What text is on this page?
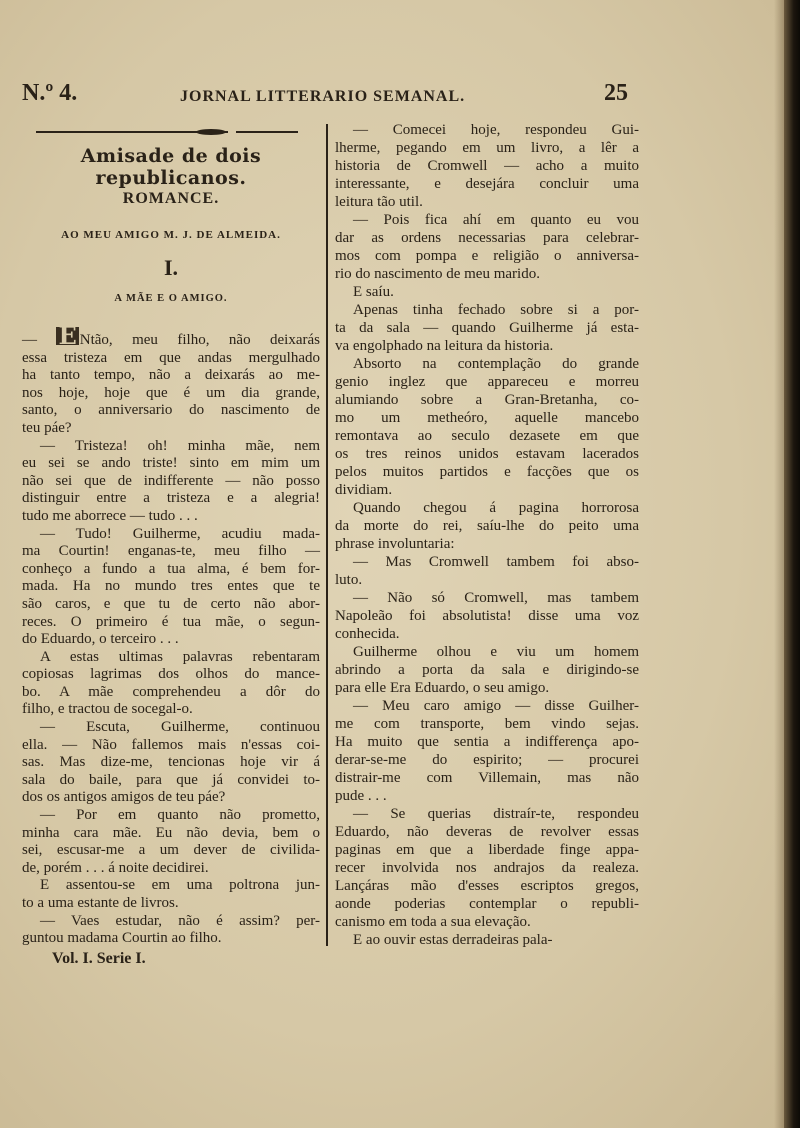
N.º 4.	JORNAL LITTERARIO SEMANAL.	25
Amisade de dois republicanos.
ROMANCE.
AO MEU AMIGO M. J. DE ALMEIDA.
I.
A MÃE E O AMIGO.
— E Ntão, meu filho, não deixarás
essa tristeza em que andas mergulhado
ha tanto tempo, não a deixarás ao me-
nos hoje, hoje que é um dia grande,
santo, o anniversario do nascimento de
teu páe?
— Tristeza! oh! minha mãe, nem
eu sei se ando triste! sinto em mim um
não sei que de indifferente — não posso
distinguir entre a tristeza e a alegria!
tudo me aborrece — tudo . . .
— Tudo! Guilherme, acudiu mada-
ma Courtin! enganas-te, meu filho —
conheço a fundo a tua alma, é bem for-
mada. Ha no mundo tres entes que te
são caros, e que tu de certo não abor-
reces. O primeiro é tua mãe, o segun-
do Eduardo, o terceiro . . .
A estas ultimas palavras rebentaram
copiosas lagrimas dos olhos do mance-
bo. A mãe comprehendeu a dôr do
filho, e tractou de socegal-o.
— Escuta, Guilherme, continuou
ella. — Não fallemos mais n'essas coi-
sas. Mas dize-me, tencionas hoje vir á
sala do baile, para que já convidei to-
dos os antigos amigos de teu páe?
— Por em quanto não prometto,
minha cara mãe. Eu não devia, bem o
sei, escusar-me a um dever de civilida-
de, porém . . . á noite decidirei.
E assentou-se em uma poltrona jun-
to a uma estante de livros.
— Vaes estudar, não é assim? per-
guntou madama Courtin ao filho.
— Comecei hoje, respondeu Gui-
lherme, pegando em um livro, a lêr a
historia de Cromwell — acho a muito
interessante, e desejára concluir uma
leitura tão util.
— Pois fica ahí em quanto eu vou
dar as ordens necessarias para celebrar-
mos com pompa e religião o anniversa-
rio do nascimento de meu marido.
E saíu.
Apenas tinha fechado sobre si a por-
ta da sala — quando Guilherme já esta-
va engolphado na leitura da historia.
Absorto na contemplação do grande
genio inglez que appareceu e morreu
alumiando sobre a Gran-Bretanha, co-
mo um metheóro, aquelle mancebo
remontava ao seculo dezasete em que
os tres reinos unidos estavam lacerados
pelos muitos partidos e facções que os
dividiam.
Quando chegou á pagina horrorosa
da morte do rei, saíu-lhe do peito uma
phrase involuntaria:
— Mas Cromwell tambem foi abso-
luto.
— Não só Cromwell, mas tambem
Napoleão foi absolutista! disse uma voz
conhecida.
Guilherme olhou e viu um homem
abrindo a porta da sala e dirigindo-se
para elle Era Eduardo, o seu amigo.
— Meu caro amigo — disse Guilher-
me com transporte, bem vindo sejas.
Ha muito que sentia a indifferença apo-
derar-se-me do espirito; — procurei
distrair-me com Villemain, mas não
pude . . .
— Se querias distraír-te, respondeu
Eduardo, não deveras de revolver essas
paginas em que a liberdade finge appa-
recer involvida nos andrajos da realeza.
Lançáras mão d'esses escriptos gregos,
aonde poderias contemplar o republi-
canismo em toda a sua elevação.
E ao ouvir estas derradeiras pala-
Vol. I. Serie I.
